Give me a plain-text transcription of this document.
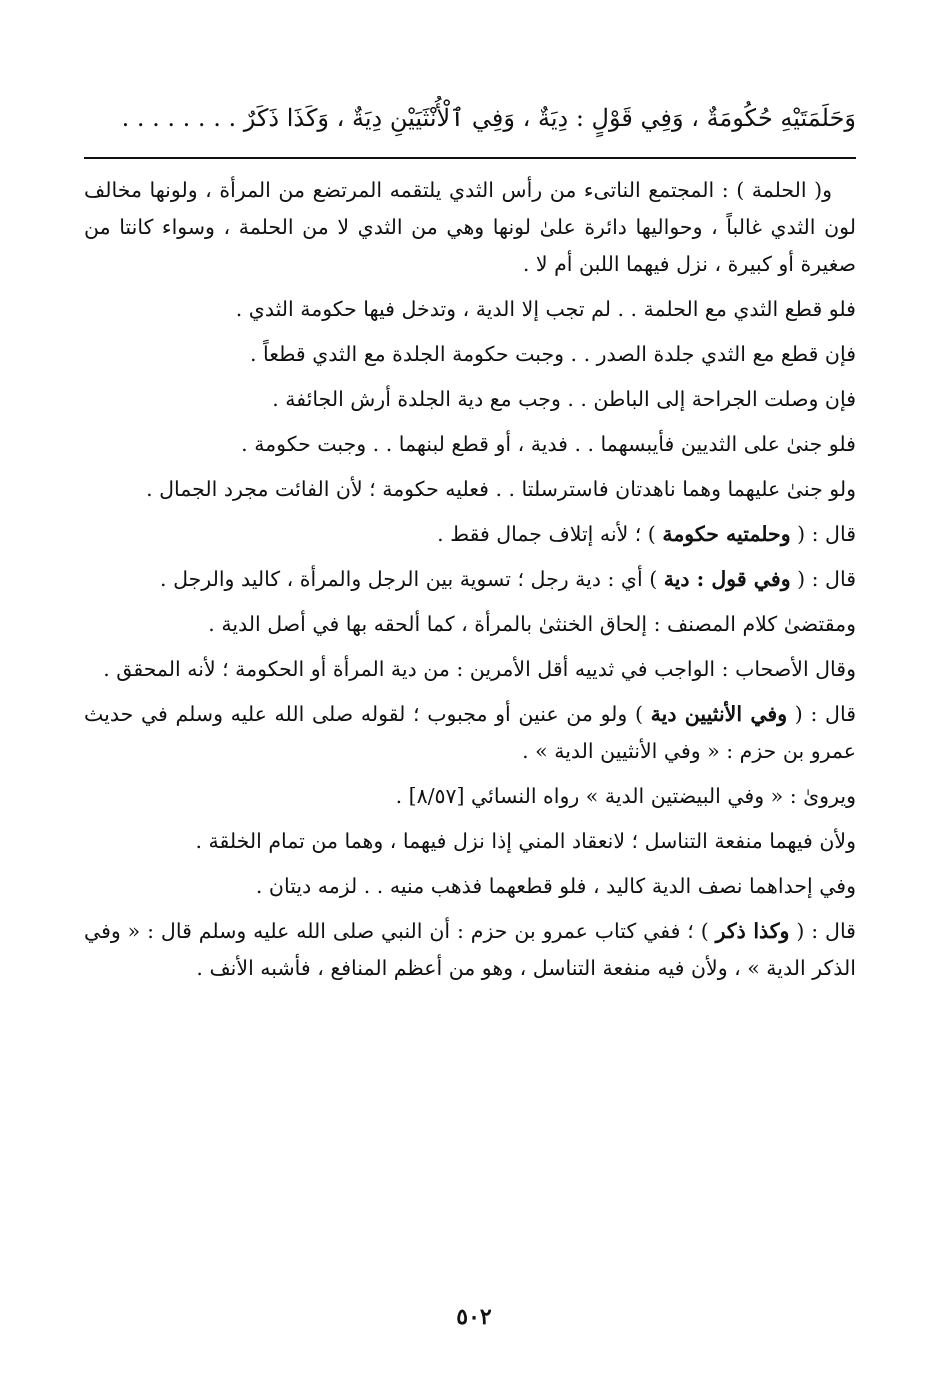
وَحَلَمَتَيْهِ حُكُومَةٌ ، وَفِي قَوْلٍ : دِيَةٌ ، وَفِي ٱلْأُنْثَيَيْنِ دِيَةٌ ، وَكَذَا ذَكَرٌ . . . . . . . .

و( الحلمة ) : المجتمع الناتىء من رأس الثدي يلتقمه المرتضع من المرأة ، ولونها مخالف لون الثدي غالباً ، وحواليها دائرة علىٰ لونها وهي من الثدي لا من الحلمة ، وسواء كانتا من صغيرة أو كبيرة ، نزل فيهما اللبن أم لا .

فلو قطع الثدي مع الحلمة . . لم تجب إلا الدية ، وتدخل فيها حكومة الثدي .

فإن قطع مع الثدي جلدة الصدر . . وجبت حكومة الجلدة مع الثدي قطعاً .

فإن وصلت الجراحة إلى الباطن . . وجب مع دية الجلدة أرش الجائفة .

فلو جنىٰ على الثديين فأيبسهما . . فدية ، أو قطع لبنهما . . وجبت حكومة .

ولو جنىٰ عليهما وهما ناهدتان فاسترسلتا . . فعليه حكومة ؛ لأن الفائت مجرد الجمال .

قال : ( وحلمتيه حكومة ) ؛ لأنه إتلاف جمال فقط .

قال : ( وفي قول : دية ) أي : دية رجل ؛ تسوية بين الرجل والمرأة ، كاليد والرجل .

ومقتضىٰ كلام المصنف : إلحاق الخنثىٰ بالمرأة ، كما ألحقه بها في أصل الدية .

وقال الأصحاب : الواجب في ثدييه أقل الأمرين : من دية المرأة أو الحكومة ؛ لأنه المحقق .

قال : ( وفي الأنثيين دية ) ولو من عنين أو مجبوب ؛ لقوله صلى الله عليه وسلم في حديث عمرو بن حزم : « وفي الأنثيين الدية » .

ويروىٰ : « وفي البيضتين الدية » رواه النسائي [٨/٥٧] .

ولأن فيهما منفعة التناسل ؛ لانعقاد المني إذا نزل فيهما ، وهما من تمام الخلقة .

وفي إحداهما نصف الدية كاليد ، فلو قطعهما فذهب منيه . . لزمه ديتان .

قال : ( وكذا ذكر ) ؛ ففي كتاب عمرو بن حزم : أن النبي صلى الله عليه وسلم قال : « وفي الذكر الدية » ، ولأن فيه منفعة التناسل ، وهو من أعظم المنافع ، فأشبه الأنف .

٥٠٢
